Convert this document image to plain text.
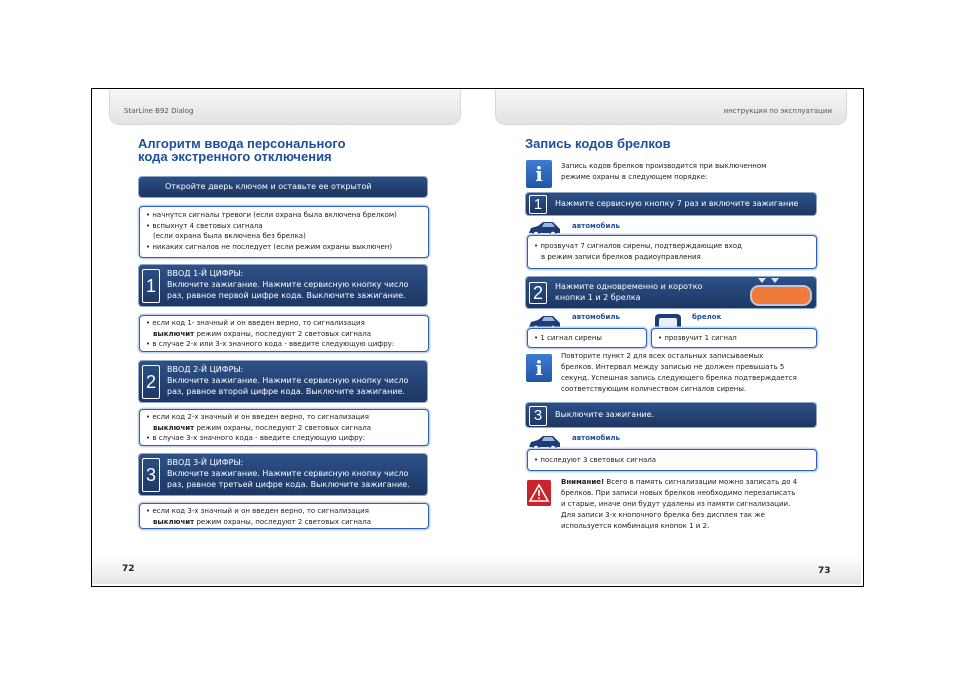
StarLine B92 Dialog	инструкция по эксплуатации
72	73
Алгоритм ввода персонального
кода экстренного отключения
Откройте дверь ключом и оставьте ее открытой
• начнутся сигналы тревоги (если охрана была включена брелком)
• вспыхнут 4 световых сигнала
(если охрана была включена без брелка)
• никаких сигналов не последует (если режим охраны выключен)
1
ВВОД 1-Й ЦИФРЫ:
Включите зажигание. Нажмите сервисную кнопку число
раз, равное первой цифре кода. Выключите зажигание.
• если код 1- значный и он введен верно, то сигнализация
выключит режим охраны, последуют 2 световых сигнала
• в случае 2-х или 3-х значного кода - введите следующую цифру:
2
ВВОД 2-Й ЦИФРЫ:
Включите зажигание. Нажмите сервисную кнопку число
раз, равное второй цифре кода. Выключите зажигание.
• если код 2-х значный и он введен верно, то сигнализация
выключит режим охраны, последуют 2 световых сигнала
• в случае 3-х значного кода - введите следующую цифру:
3
ВВОД 3-Й ЦИФРЫ:
Включите зажигание. Нажмите сервисную кнопку число
раз, равное третьей цифре кода. Выключите зажигание.
• если код 3-х значный и он введен верно, то сигнализация
выключит режим охраны, последуют 2 световых сигнала
Запись кодов брелков
i	Запись кодов брелков производится при выключенном
режиме охраны в следующем порядке:
1	Нажмите сервисную кнопку 7 раз и включите зажигание
автомобиль
• прозвучат 7 сигналов сирены, подтверждающие вход
в режим записи брелков радиоуправления
2	Нажмите одновременно и коротко
кнопки 1 и 2 брелка
автомобиль	брелок
• 1 сигнал сирены	• прозвучит 1 сигнал
i	Повторите пункт 2 для всех остальных записываемых
брелков. Интервал между записью не должен превышать 5
секунд. Успешная запись следующего брелка подтверждается
соответствующим количеством сигналов сирены.
3	Выключите зажигание.
автомобиль
• последуют 3 световых сигнала
Внимание! Всего в память сигнализации можно записать до 4
брелков. При записи новых брелков необходимо перезаписать
и старые, иначе они будут удалены из памяти сигнализации.
Для записи 3-х кнопочного брелка без дисплея так же
используется комбинация кнопок 1 и 2.
